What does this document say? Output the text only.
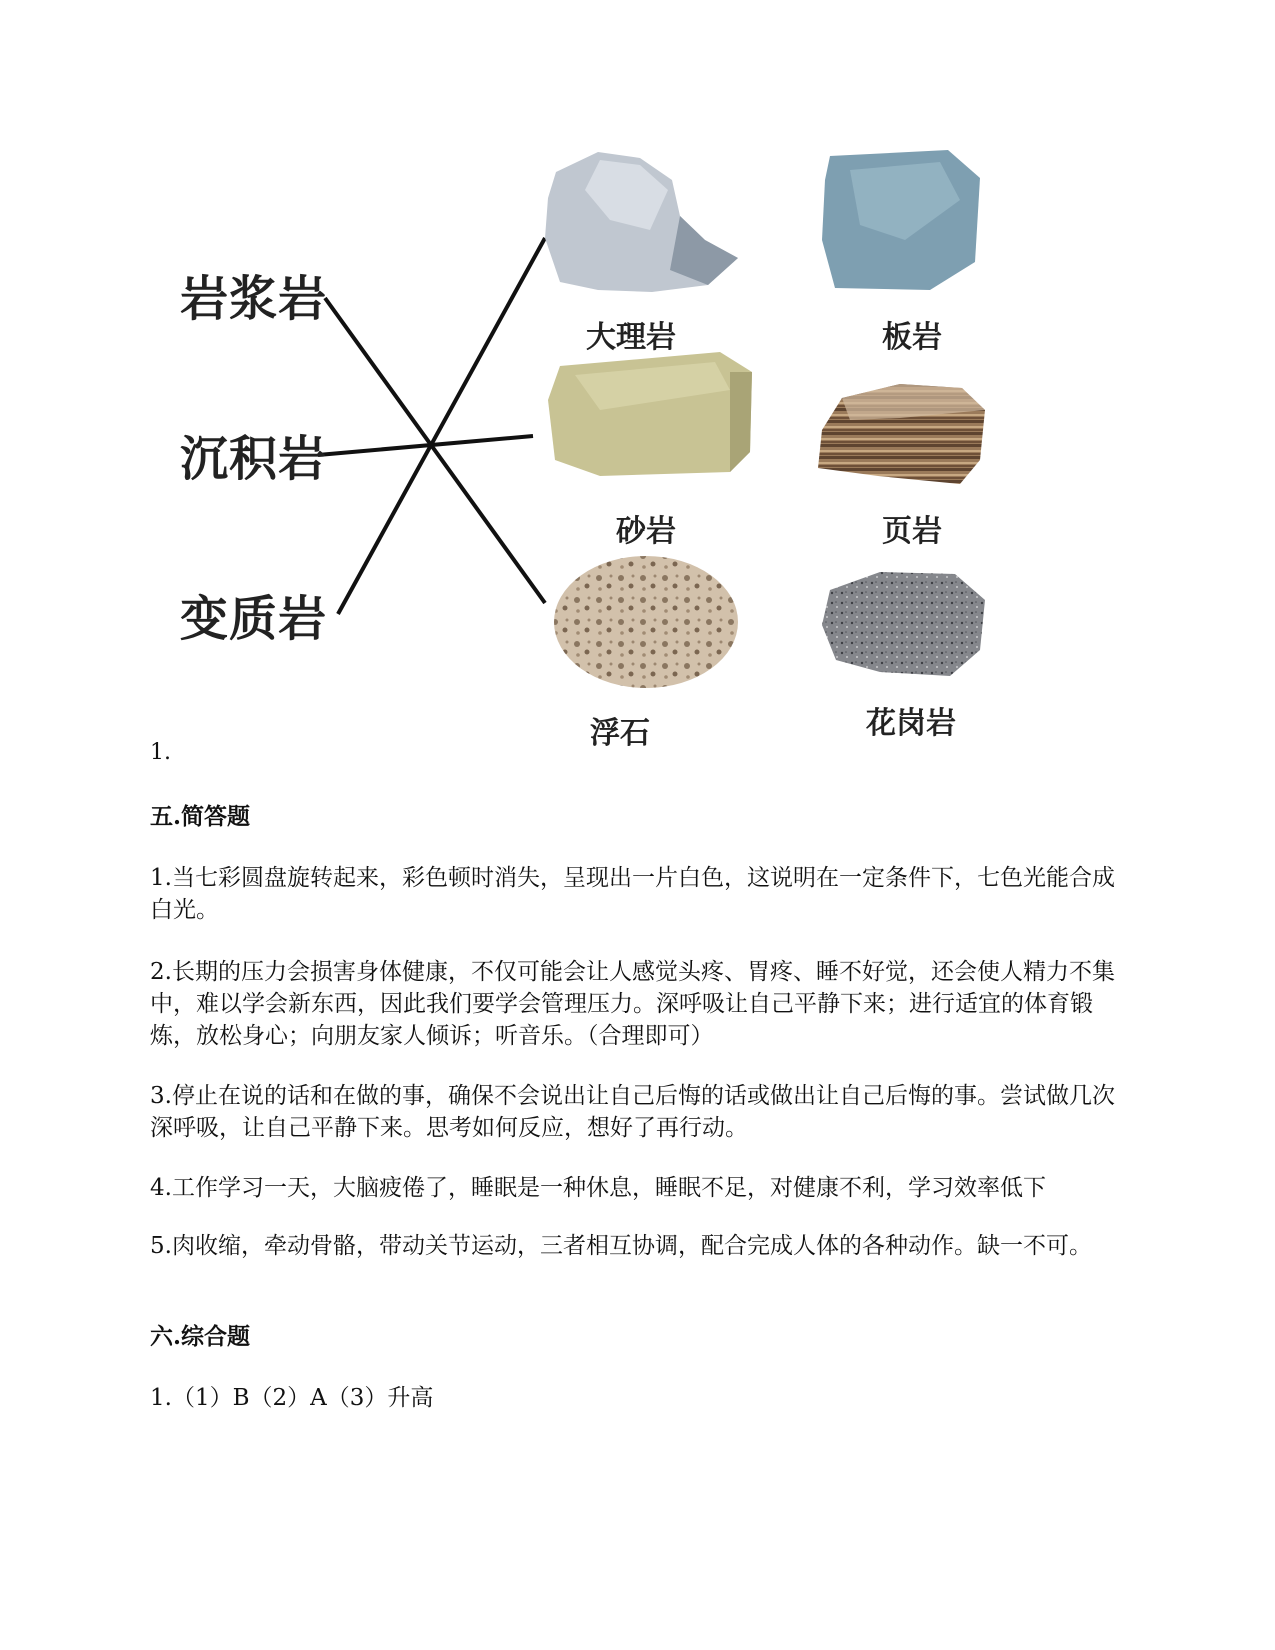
岩浆岩
沉积岩
变质岩
大理岩	板岩
砂岩	页岩
浮石	花岗岩
1.

五.简答题

1.当七彩圆盘旋转起来，彩色顿时消失，呈现出一片白色，这说明在一定条件下，七色光能合成白光。

2.长期的压力会损害身体健康，不仅可能会让人感觉头疼、胃疼、睡不好觉，还会使人精力不集中，难以学会新东西，因此我们要学会管理压力。深呼吸让自己平静下来；进行适宜的体育锻炼，放松身心；向朋友家人倾诉；听音乐。（合理即可）

3.停止在说的话和在做的事，确保不会说出让自己后悔的话或做出让自己后悔的事。尝试做几次深呼吸，让自己平静下来。思考如何反应，想好了再行动。

4.工作学习一天，大脑疲倦了，睡眠是一种休息，睡眠不足，对健康不利，学习效率低下

5.肉收缩，牵动骨骼，带动关节运动，三者相互协调，配合完成人体的各种动作。缺一不可。

六.综合题

1.（1）B（2）A（3）升高
